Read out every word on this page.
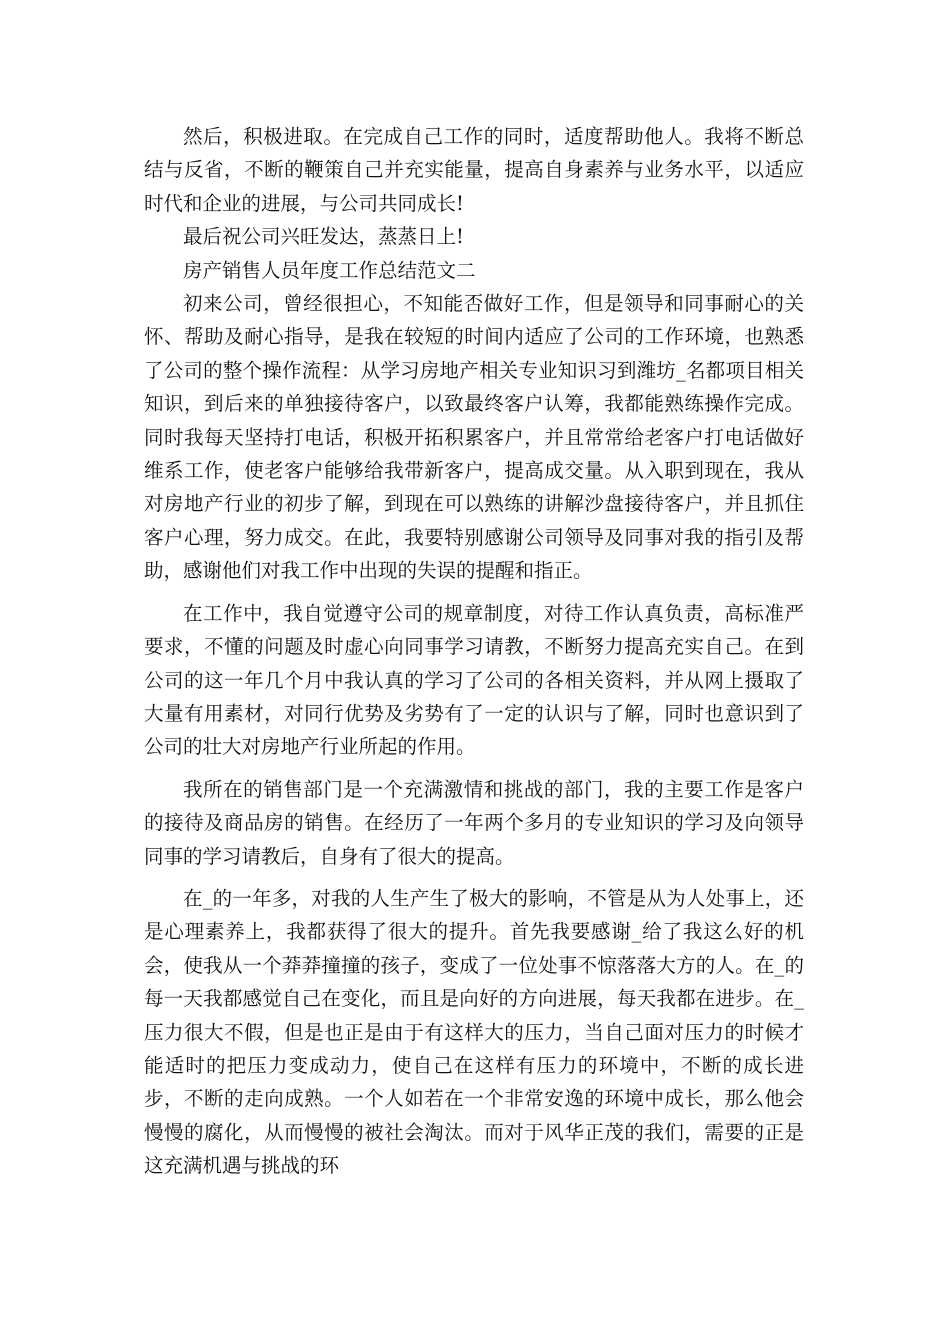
然后，积极进取。在完成自己工作的同时，适度帮助他人。我将不断总结与反省，不断的鞭策自己并充实能量，提高自身素养与业务水平，以适应时代和企业的进展，与公司共同成长!

最后祝公司兴旺发达，蒸蒸日上!

房产销售人员年度工作总结范文二

初来公司，曾经很担心，不知能否做好工作，但是领导和同事耐心的关怀、帮助及耐心指导，是我在较短的时间内适应了公司的工作环境，也熟悉了公司的整个操作流程：从学习房地产相关专业知识习到潍坊_名都项目相关知识，到后来的单独接待客户，以致最终客户认筹，我都能熟练操作完成。同时我每天坚持打电话，积极开拓积累客户，并且常常给老客户打电话做好维系工作，使老客户能够给我带新客户，提高成交量。从入职到现在，我从对房地产行业的初步了解，到现在可以熟练的讲解沙盘接待客户，并且抓住客户心理，努力成交。在此，我要特别感谢公司领导及同事对我的指引及帮助，感谢他们对我工作中出现的失误的提醒和指正。

在工作中，我自觉遵守公司的规章制度，对待工作认真负责，高标准严要求，不懂的问题及时虚心向同事学习请教，不断努力提高充实自己。在到公司的这一年几个月中我认真的学习了公司的各相关资料，并从网上摄取了大量有用素材，对同行优势及劣势有了一定的认识与了解，同时也意识到了公司的壮大对房地产行业所起的作用。

我所在的销售部门是一个充满激情和挑战的部门，我的主要工作是客户的接待及商品房的销售。在经历了一年两个多月的专业知识的学习及向领导同事的学习请教后，自身有了很大的提高。

在_的一年多，对我的人生产生了极大的影响，不管是从为人处事上，还是心理素养上，我都获得了很大的提升。首先我要感谢_给了我这么好的机会，使我从一个莽莽撞撞的孩子，变成了一位处事不惊落落大方的人。在_的每一天我都感觉自己在变化，而且是向好的方向进展，每天我都在进步。在_压力很大不假，但是也正是由于有这样大的压力，当自己面对压力的时候才能适时的把压力变成动力，使自己在这样有压力的环境中，不断的成长进步，不断的走向成熟。一个人如若在一个非常安逸的环境中成长，那么他会慢慢的腐化，从而慢慢的被社会淘汰。而对于风华正茂的我们，需要的正是这充满机遇与挑战的环
